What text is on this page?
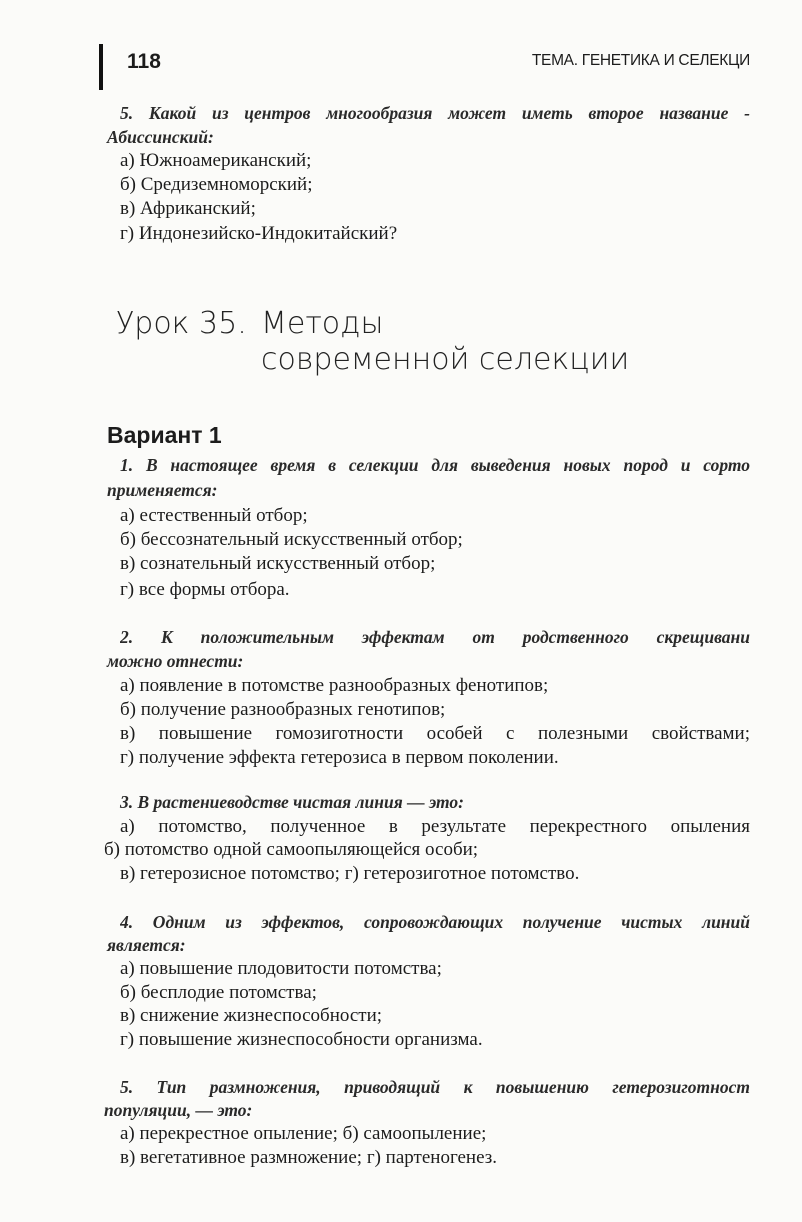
118	ТЕМА. ГЕНЕТИКА И СЕЛЕКЦИ
5. Какой из центров многообразия может иметь второе название -
Абиссинский:
а) Южноамериканский;
б) Средиземноморский;
в) Африканский;
г) Индонезийско-Индокитайский?
Урок 35. Методы
современной селекции
Вариант 1
1. В настоящее время в селекции для выведения новых пород и сорто
применяется:
а) естественный отбор;
б) бессознательный искусственный отбор;
в) сознательный искусственный отбор;
г) все формы отбора.
2. К положительным эффектам от родственного скрещивани
можно отнести:
а) появление в потомстве разнообразных фенотипов;
б) получение разнообразных генотипов;
в) повышение гомозиготности особей с полезными свойствами;
г) получение эффекта гетерозиса в первом поколении.
3. В растениеводстве чистая линия — это:
а) потомство, полученное в результате перекрестного опыления
б) потомство одной самоопыляющейся особи;
в) гетерозисное потомство; г) гетерозиготное потомство.
4. Одним из эффектов, сопровождающих получение чистых линий
является:
а) повышение плодовитости потомства;
б) бесплодие потомства;
в) снижение жизнеспособности;
г) повышение жизнеспособности организма.
5. Тип размножения, приводящий к повышению гетерозиготност
популяции, — это:
а) перекрестное опыление; б) самоопыление;
в) вегетативное размножение; г) партеногенез.
